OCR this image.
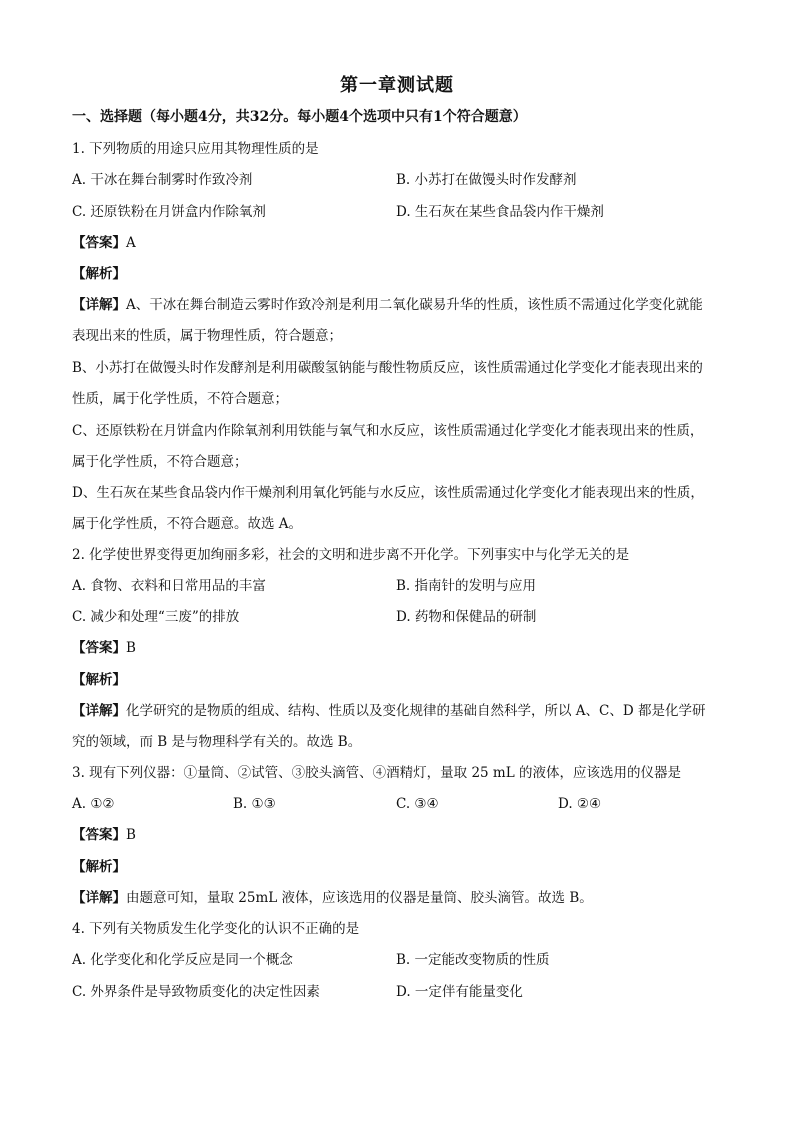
第一章测试题
一、选择题（每小题4分，共32分。每小题4个选项中只有1个符合题意）
1. 下列物质的用途只应用其物理性质的是
A. 干冰在舞台制雾时作致冷剂	B. 小苏打在做馒头时作发酵剂
C. 还原铁粉在月饼盒内作除氧剂	D. 生石灰在某些食品袋内作干燥剂
【答案】A
【解析】
【详解】A、干冰在舞台制造云雾时作致冷剂是利用二氧化碳易升华的性质，该性质不需通过化学变化就能
表现出来的性质，属于物理性质，符合题意；
B、小苏打在做馒头时作发酵剂是利用碳酸氢钠能与酸性物质反应，该性质需通过化学变化才能表现出来的
性质，属于化学性质，不符合题意；
C、还原铁粉在月饼盒内作除氧剂利用铁能与氧气和水反应，该性质需通过化学变化才能表现出来的性质，
属于化学性质，不符合题意；
D、生石灰在某些食品袋内作干燥剂利用氧化钙能与水反应，该性质需通过化学变化才能表现出来的性质，
属于化学性质，不符合题意。故选 A。
2. 化学使世界变得更加绚丽多彩，社会的文明和进步离不开化学。下列事实中与化学无关的是
A. 食物、衣料和日常用品的丰富	B. 指南针的发明与应用
C. 减少和处理“三废”的排放	D. 药物和保健品的研制
【答案】B
【解析】
【详解】化学研究的是物质的组成、结构、性质以及变化规律的基础自然科学，所以 A、C、D 都是化学研
究的领域，而 B 是与物理科学有关的。故选 B。
3. 现有下列仪器：①量筒、②试管、③胶头滴管、④酒精灯，量取 25 mL 的液体，应该选用的仪器是
A. ①②	B. ①③	C. ③④	D. ②④
【答案】B
【解析】
【详解】由题意可知，量取 25mL 液体，应该选用的仪器是量筒、胶头滴管。故选 B。
4. 下列有关物质发生化学变化的认识不正确的是
A. 化学变化和化学反应是同一个概念	B. 一定能改变物质的性质
C. 外界条件是导致物质变化的决定性因素	D. 一定伴有能量变化
